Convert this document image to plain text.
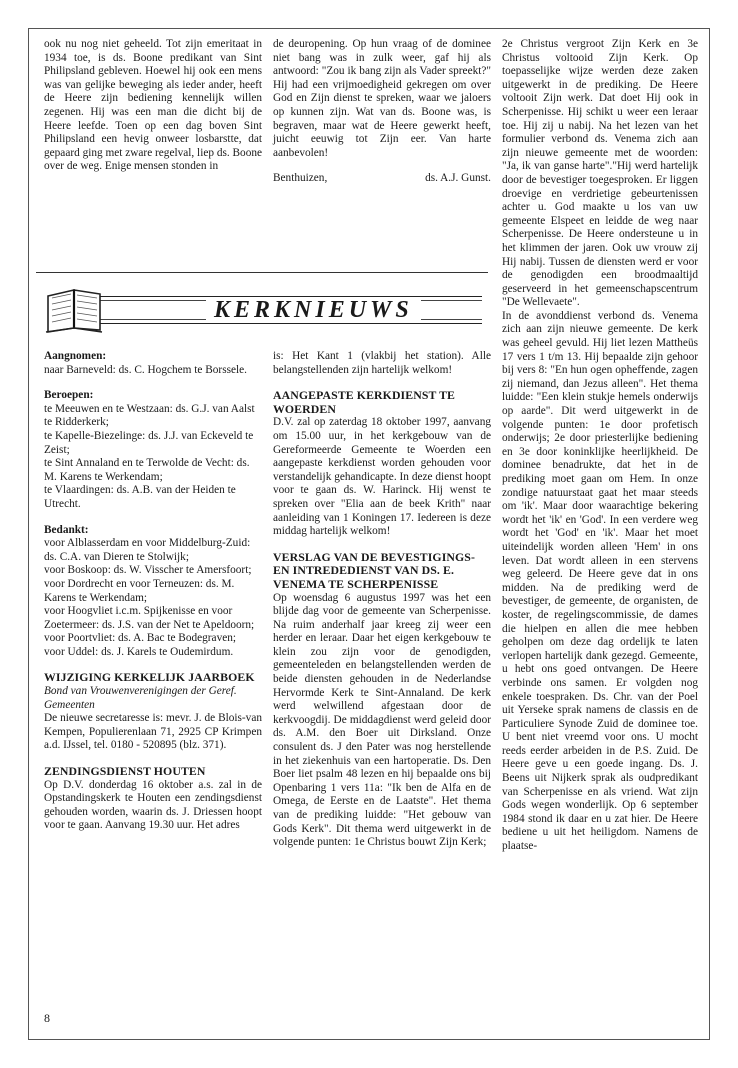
ook nu nog niet geheeld. Tot zijn emeritaat in 1934 toe, is ds. Boone predikant van Sint Philipsland gebleven. Hoewel hij ook een mens was van gelijke beweging als ieder ander, heeft de Heere zijn bediening kennelijk willen zegenen. Hij was een man die dicht bij de Heere leefde. Toen op een dag boven Sint Philipsland een hevig onweer losbarstte, dat gepaard ging met zware regelval, liep ds. Boone over de weg. Enige mensen stonden in

de deuropening. Op hun vraag of de dominee niet bang was in zulk weer, gaf hij als antwoord: "Zou ik bang zijn als Vader spreekt?" Hij had een vrijmoedigheid gekregen om over God en Zijn dienst te spreken, waar we jaloers op kunnen zijn. Wat van ds. Boone was, is begraven, maar wat de Heere gewerkt heeft, juicht eeuwig tot Zijn eer. Van harte aanbevolen!

Benthuizen,	ds. A.J. Gunst.
KERKNIEUWS
Aangnomen:

naar Barneveld: ds. C. Hogchem te Borssele.

Beroepen:

te Meeuwen en te Westzaan: ds. G.J. van Aalst te Ridderkerk;

te Kapelle-Biezelinge: ds. J.J. van Eckeveld te Zeist;

te Sint Annaland en te Terwolde de Vecht: ds. M. Karens te Werkendam;

te Vlaardingen: ds. A.B. van der Heiden te Utrecht.

Bedankt:

voor Alblasserdam en voor Middelburg-Zuid: ds. C.A. van Dieren te Stolwijk;

voor Boskoop: ds. W. Visscher te Amersfoort;

voor Dordrecht en voor Terneuzen: ds. M. Karens te Werkendam;

voor Hoogvliet i.c.m. Spijkenisse en voor Zoetermeer: ds. J.S. van der Net te Apeldoorn;

voor Poortvliet: ds. A. Bac te Bodegraven;

voor Uddel: ds. J. Karels te Oudemirdum.

WIJZIGING KERKELIJK JAARBOEK

Bond van Vrouwenverenigingen der Geref. Gemeenten

De nieuwe secretaresse is: mevr. J. de Blois-van Kempen, Populierenlaan 71, 2925 CP Krimpen a.d. IJssel, tel. 0180 - 520895 (blz. 371).

ZENDINGSDIENST HOUTEN

Op D.V. donderdag 16 oktober a.s. zal in de Opstandingskerk te Houten een zendingsdienst gehouden worden, waarin ds. J. Driessen hoopt voor te gaan. Aanvang 19.30 uur. Het adres

is: Het Kant 1 (vlakbij het station). Alle belangstellenden zijn hartelijk welkom!

AANGEPASTE KERKDIENST TE WOERDEN

D.V. zal op zaterdag 18 oktober 1997, aanvang om 15.00 uur, in het kerkgebouw van de Gereformeerde Gemeente te Woerden een aangepaste kerkdienst worden gehouden voor verstandelijk gehandicapte. In deze dienst hoopt voor te gaan ds. W. Harinck. Hij wenst te spreken over "Elia aan de beek Krith" naar aanleiding van 1 Koningen 17. Iedereen is deze middag hartelijk welkom!

VERSLAG VAN DE BEVESTIGINGS- EN INTREDEDIENST VAN DS. E. VENEMA TE SCHERPENISSE

Op woensdag 6 augustus 1997 was het een blijde dag voor de gemeente van Scherpenisse. Na ruim anderhalf jaar kreeg zij weer een herder en leraar. Daar het eigen kerkgebouw te klein zou zijn voor de genodigden, gemeenteleden en belangstellenden werden de beide diensten gehouden in de Nederlandse Hervormde Kerk te Sint-Annaland. De kerk werd welwillend afgestaan door de kerkvoogdij. De middagdienst werd geleid door ds. A.M. den Boer uit Dirksland. Onze consulent ds. J den Pater was nog herstellende in het ziekenhuis van een hartoperatie. Ds. Den Boer liet psalm 48 lezen en hij bepaalde ons bij Openbaring 1 vers 11a: "Ik ben de Alfa en de Omega, de Eerste en de Laatste". Het thema van de prediking luidde: "Het gebouw van Gods Kerk". Dit thema werd uitgewerkt in de volgende punten: 1e Christus bouwt Zijn Kerk;

2e Christus vergroot Zijn Kerk en 3e Christus voltooid Zijn Kerk. Op toepasselijke wijze werden deze zaken uitgewerkt in de prediking. De Heere voltooit Zijn werk. Dat doet Hij ook in Scherpenisse. Hij schikt u weer een leraar toe. Hij zij u nabij. Na het lezen van het formulier verbond ds. Venema zich aan zijn nieuwe gemeente met de woorden: "Ja, ik van ganse harte"."Hij werd hartelijk door de bevestiger toegesproken. Er liggen droevige en verdrietige gebeurtenissen achter u. God maakte u los van uw gemeente Elspeet en leidde de weg naar Scherpenisse. De Heere ondersteune u in het klimmen der jaren. Ook uw vrouw zij Hij nabij. Tussen de diensten werd er voor de genodigden een broodmaaltijd geserveerd in het gemeenschapscentrum "De Wellevaete".

In de avonddienst verbond ds. Venema zich aan zijn nieuwe gemeente. De kerk was geheel gevuld. Hij liet lezen Mattheüs 17 vers 1 t/m 13. Hij bepaalde zijn gehoor bij vers 8: "En hun ogen opheffende, zagen zij niemand, dan Jezus alleen". Het thema luidde: "Een klein stukje hemels onderwijs op aarde". Dit werd uitgewerkt in de volgende punten: 1e door profetisch onderwijs; 2e door priesterlijke bediening en 3e door koninklijke heerlijkheid. De dominee benadrukte, dat het in de prediking moet gaan om Hem. In onze zondige natuurstaat gaat het maar steeds om 'ik'. Maar door waarachtige bekering wordt het 'ik' en 'God'. In een verdere weg wordt het 'God' en 'ik'. Maar het moet uiteindelijk worden alleen 'Hem' in ons leven. Dat wordt alleen in een stervens weg geleerd. De Heere geve dat in ons midden. Na de prediking werd de bevestiger, de gemeente, de organisten, de koster, de regelingscommissie, de dames die hielpen en allen die mee hebben geholpen om deze dag ordelijk te laten verlopen hartelijk dank gezegd. Gemeente, u hebt ons goed ontvangen. De Heere verbinde ons samen. Er volgden nog enkele toespraken. Ds. Chr. van der Poel uit Yerseke sprak namens de classis en de Particuliere Synode Zuid de dominee toe. U bent niet vreemd voor ons. U mocht reeds eerder arbeiden in de P.S. Zuid. De Heere geve u een goede ingang. Ds. J. Beens uit Nijkerk sprak als oudpredikant van Scherpenisse en als vriend. Wat zijn Gods wegen wonderlijk. Op 6 september 1984 stond ik daar en u zat hier. De Heere bediene u uit het heiligdom. Namens de plaatse-

8
